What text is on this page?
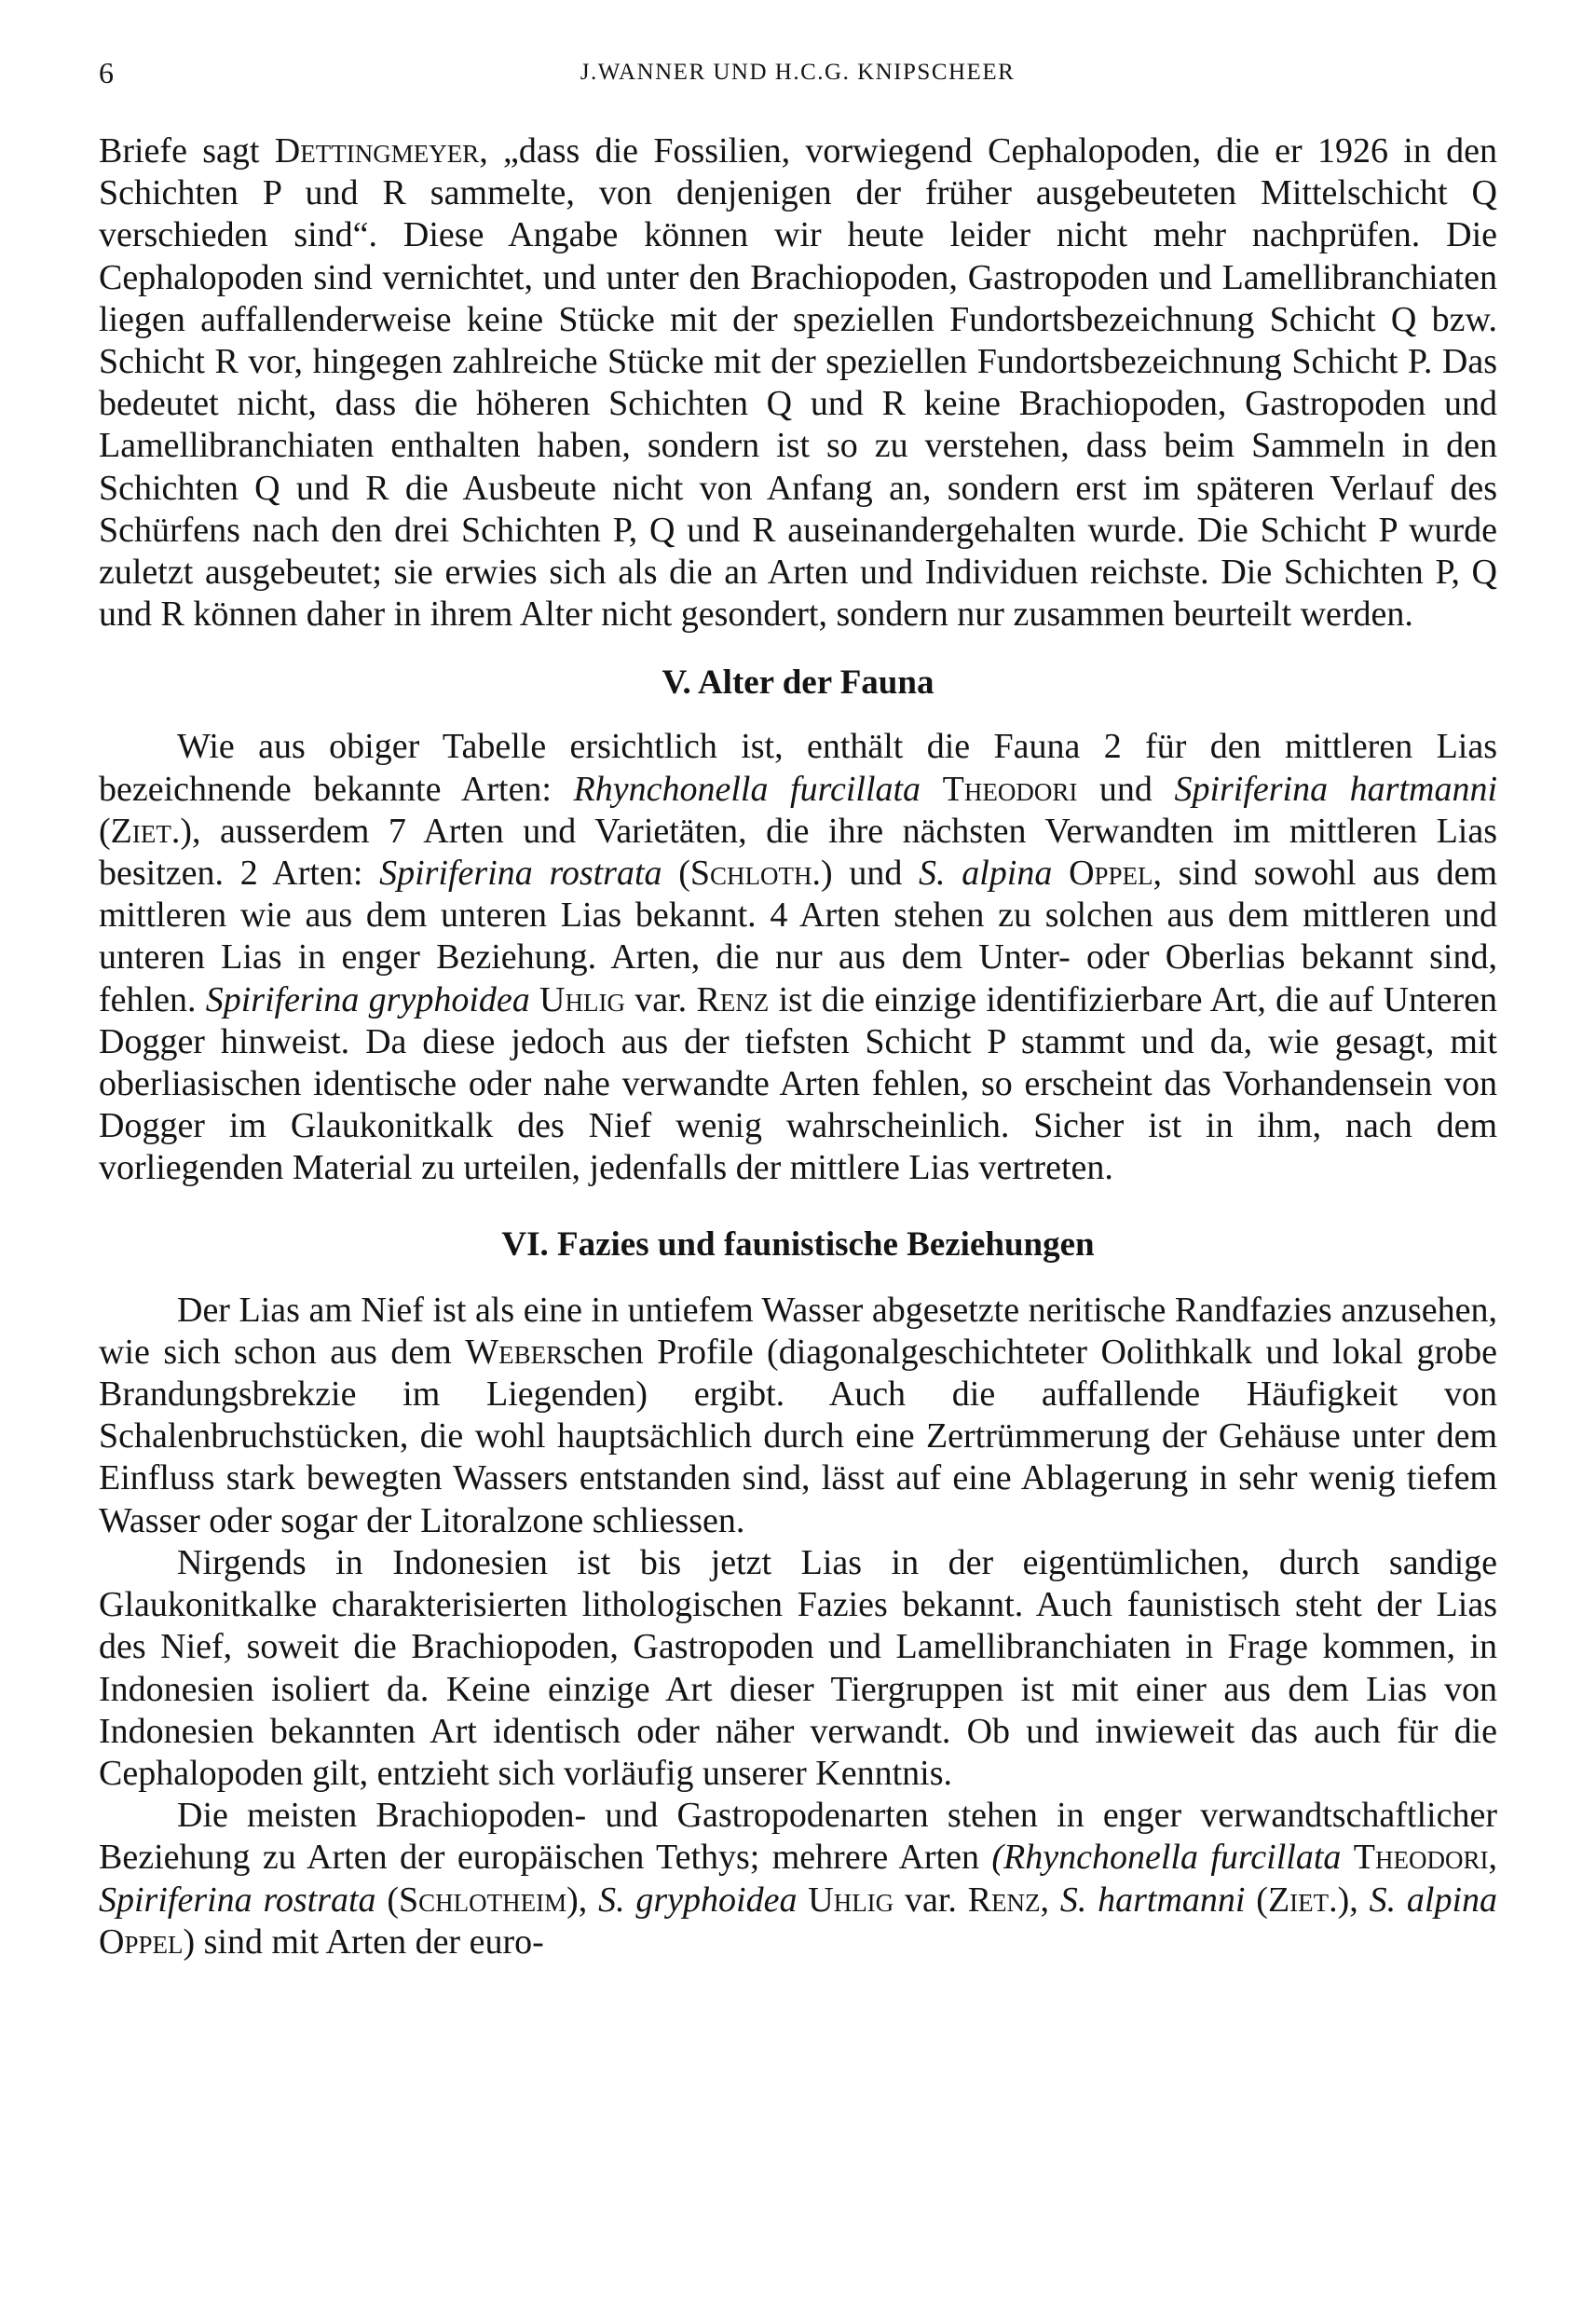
6	J.WANNER UND H.C.G. KNIPSCHEER

Briefe sagt Dettingmeyer, „dass die Fossilien, vorwiegend Cephalopoden, die er 1926 in den Schichten P und R sammelte, von denjenigen der früher ausgebeuteten Mittelschicht Q verschieden sind“. Diese Angabe können wir heute leider nicht mehr nachprüfen. Die Cephalopoden sind vernichtet, und unter den Brachiopoden, Gastropoden und Lamellibranchiaten liegen auffallenderweise keine Stücke mit der speziellen Fundortsbezeichnung Schicht Q bzw. Schicht R vor, hingegen zahlreiche Stücke mit der speziellen Fundortsbezeichnung Schicht P. Das bedeutet nicht, dass die höheren Schichten Q und R keine Brachiopoden, Gastropoden und Lamellibranchiaten enthalten haben, sondern ist so zu verstehen, dass beim Sammeln in den Schichten Q und R die Ausbeute nicht von Anfang an, sondern erst im späteren Verlauf des Schürfens nach den drei Schichten P, Q und R auseinandergehalten wurde. Die Schicht P wurde zuletzt ausgebeutet; sie erwies sich als die an Arten und Individuen reichste. Die Schichten P, Q und R können daher in ihrem Alter nicht gesondert, sondern nur zusammen beurteilt werden.

V. Alter der Fauna

Wie aus obiger Tabelle ersichtlich ist, enthält die Fauna 2 für den mittleren Lias bezeichnende bekannte Arten: Rhynchonella furcillata Theodori und Spiriferina hartmanni (Ziet.), ausserdem 7 Arten und Varietäten, die ihre nächsten Verwandten im mittleren Lias besitzen. 2 Arten: Spiriferina rostrata (Schloth.) und S. alpina Oppel, sind sowohl aus dem mittleren wie aus dem unteren Lias bekannt. 4 Arten stehen zu solchen aus dem mittleren und unteren Lias in enger Beziehung. Arten, die nur aus dem Unter- oder Oberlias bekannt sind, fehlen. Spiriferina gryphoidea Uhlig var. Renz ist die einzige identifizierbare Art, die auf Unteren Dogger hinweist. Da diese jedoch aus der tiefsten Schicht P stammt und da, wie gesagt, mit oberliasischen identische oder nahe verwandte Arten fehlen, so erscheint das Vorhandensein von Dogger im Glaukonitkalk des Nief wenig wahrscheinlich. Sicher ist in ihm, nach dem vorliegenden Material zu urteilen, jedenfalls der mittlere Lias vertreten.

VI. Fazies und faunistische Beziehungen

Der Lias am Nief ist als eine in untiefem Wasser abgesetzte neritische Randfazies anzusehen, wie sich schon aus dem Weberschen Profile (diagonalgeschichteter Oolithkalk und lokal grobe Brandungsbrekzie im Liegenden) ergibt. Auch die auffallende Häufigkeit von Schalenbruchstücken, die wohl hauptsächlich durch eine Zertrümmerung der Gehäuse unter dem Einfluss stark bewegten Wassers entstanden sind, lässt auf eine Ablagerung in sehr wenig tiefem Wasser oder sogar der Litoralzone schliessen.

Nirgends in Indonesien ist bis jetzt Lias in der eigentümlichen, durch sandige Glaukonitkalke charakterisierten lithologischen Fazies bekannt. Auch faunistisch steht der Lias des Nief, soweit die Brachiopoden, Gastropoden und Lamellibranchiaten in Frage kommen, in Indonesien isoliert da. Keine einzige Art dieser Tiergruppen ist mit einer aus dem Lias von Indonesien bekannten Art identisch oder näher verwandt. Ob und inwieweit das auch für die Cephalopoden gilt, entzieht sich vorläufig unserer Kenntnis.

Die meisten Brachiopoden- und Gastropodenarten stehen in enger verwandtschaftlicher Beziehung zu Arten der europäischen Tethys; mehrere Arten (Rhynchonella furcillata Theodori, Spiriferina rostrata (Schlotheim), S. gryphoidea Uhlig var. Renz, S. hartmanni (Ziet.), S. alpina Oppel) sind mit Arten der euro-
